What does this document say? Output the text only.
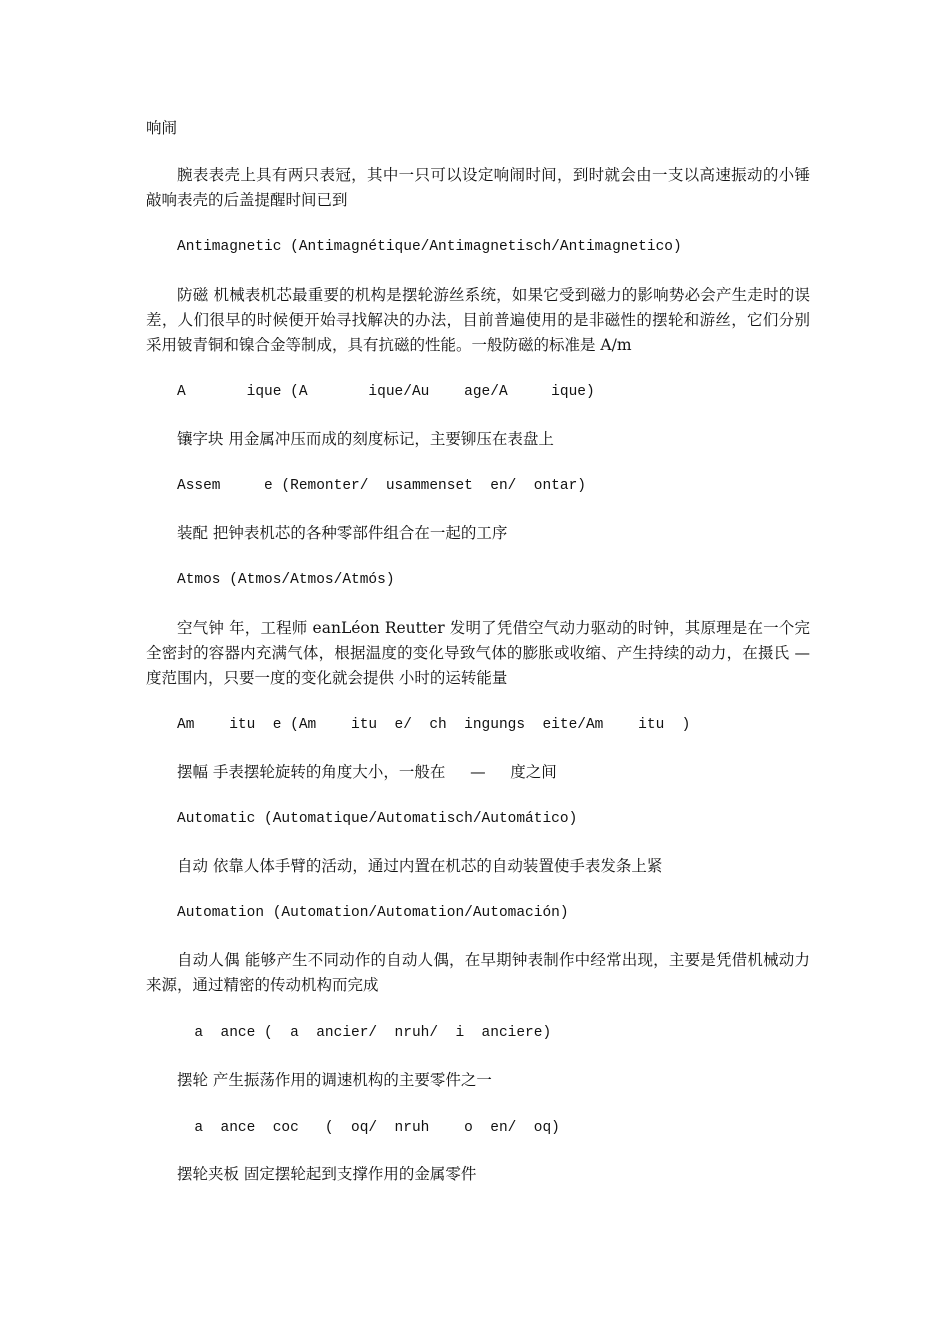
响闹

腕表表壳上具有两只表冠，其中一只可以设定响闹时间，到时就会由一支以高速振动的小锤敲响表壳的后盖提醒时间已到

Antimagnetic (Antimagnétique/Antimagnetisch/Antimagnetico)

防磁 机械表机芯最重要的机构是摆轮游丝系统，如果它受到磁力的影响势必会产生走时的误差，人们很早的时候便开始寻找解决的办法，目前普遍使用的是非磁性的摆轮和游丝，它们分别采用铍青铜和镍合金等制成，具有抗磁的性能。一般防磁的标准是 A/m

A       ique (A       ique/Au    age/A     ique)

镶字块 用金属冲压而成的刻度标记，主要铆压在表盘上

Assem     e (Remonter/  usammenset  en/  ontar)

装配 把钟表机芯的各种零部件组合在一起的工序

Atmos (Atmos/Atmos/Atmós)

空气钟 年，工程师 eanLéon Reutter 发明了凭借空气动力驱动的时钟，其原理是在一个完全密封的容器内充满气体，根据温度的变化导致气体的膨胀或收缩、产生持续的动力，在摄氏 — 度范围内，只要一度的变化就会提供 小时的运转能量

Am    itu  e (Am    itu  e/  ch  ingungs  eite/Am    itu  )

摆幅 手表摆轮旋转的角度大小，一般在     —     度之间

Automatic (Automatique/Automatisch/Automático)

自动 依靠人体手臂的活动，通过内置在机芯的自动装置使手表发条上紧

Automation (Automation/Automation/Automación)

自动人偶 能够产生不同动作的自动人偶，在早期钟表制作中经常出现，主要是凭借机械动力来源，通过精密的传动机构而完成

a  ance (  a  ancier/  nruh/  i  anciere)

摆轮 产生振荡作用的调速机构的主要零件之一

a  ance  coc   (  oq/  nruh    o  en/  oq)

摆轮夹板 固定摆轮起到支撑作用的金属零件
